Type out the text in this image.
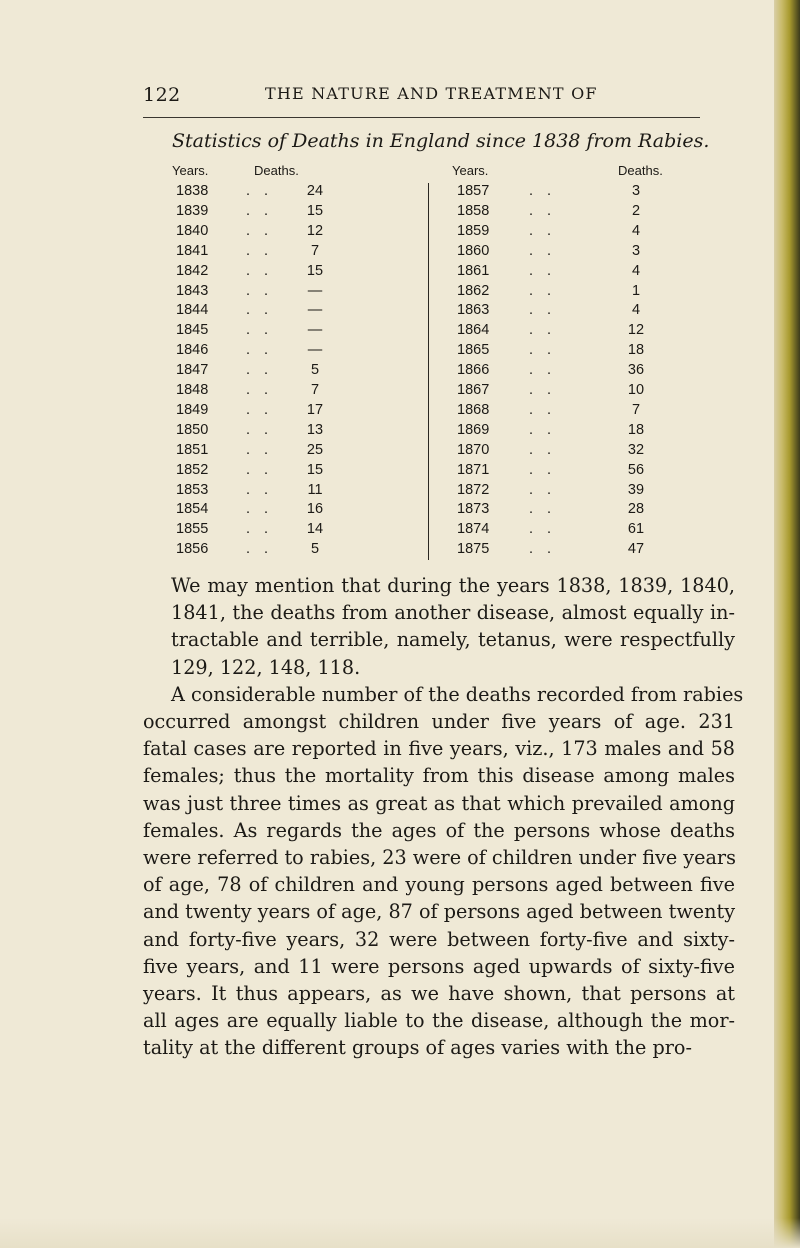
122	THE NATURE AND TREATMENT OF
Statistics of Deaths in England since 1838 from Rabies.
Years.	Deaths.
1838	..	24
1839	..	15
1840	..	12
1841	..	7
1842	..	15
1843	..	—
1844	..	—
1845	..	—
1846	..	—
1847	..	5
1848	..	7
1849	..	17
1850	..	13
1851	..	25
1852	..	15
1853	..	11
1854	..	16
1855	..	14
1856	..	5
Years.	Deaths.
1857	..	3
1858	..	2
1859	..	4
1860	..	3
1861	..	4
1862	..	1
1863	..	4
1864	..	12
1865	..	18
1866	..	36
1867	..	10
1868	..	7
1869	..	18
1870	..	32
1871	..	56
1872	..	39
1873	..	28
1874	..	61
1875	..	47

We may mention that during the years 1838, 1839, 1840,
1841, the deaths from another disease, almost equally in-
tractable and terrible, namely, tetanus, were respectfully
129, 122, 148, 118.

A considerable number of the deaths recorded from rabies
occurred amongst children under five years of age. 231
fatal cases are reported in five years, viz., 173 males and 58
females; thus the mortality from this disease among males
was just three times as great as that which prevailed among
females. As regards the ages of the persons whose deaths
were referred to rabies, 23 were of children under five years
of age, 78 of children and young persons aged between five
and twenty years of age, 87 of persons aged between twenty
and forty-five years, 32 were between forty-five and sixty-
five years, and 11 were persons aged upwards of sixty-five
years. It thus appears, as we have shown, that persons at
all ages are equally liable to the disease, although the mor-
tality at the different groups of ages varies with the pro-
